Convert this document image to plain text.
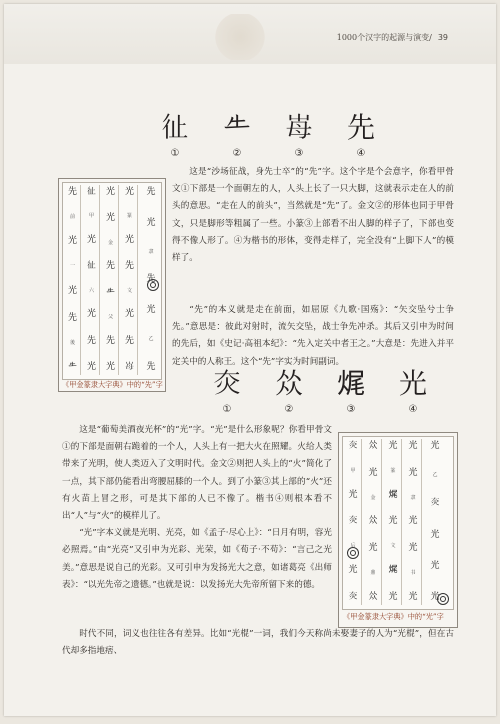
1000个汉字的起源与演变/ 39
𢓊
①
𠂒
②
𡴋
③
先
④
先
前
光
一
光
先
後
𠂒
𢓊
甲
光
𢓊
六
光
先
光
光
光
金
先
𠂒
父
先
光
光
篆
光
先
文
光
先
𡴋
先
光
隶
先
光
乙
先
《甲金篆隶大字典》中的“先”字

这是“沙场征战，身先士卒”的“先”字。这个字是个会意字，你看甲骨文①下部是一个面朝左的人，人头上长了一只大脚，这就表示走在人的前头的意思。“走在人的前头”，当然就是“先”了。金文②的形体也同于甲骨文，只是脚形等粗属了一些。小篆③上部看不出人脚的样子了，下部也变得不像人形了。④为楷书的形体，变得走样了，完全没有“上脚下人”的模样了。

“先”的本义就是走在前面，如屈原《九歌·国殇》：“矢交坠兮士争先。”意思是：彼此对射时，流矢交坠，战士争先冲杀。其后又引申为时间的先后，如《史记·高祖本纪》：“先入定关中者王之。”大意是：先进入并平定关中的人称王。这个“先”字实为时间副词。

𤆍
①
𠈌
②
𤈦
③
光
④

这是“葡萄美酒夜光杯”的“光”字。“光”是什么形象呢？你看甲骨文①的下部是面朝右跪着的一个人，人头上有一把大火在照耀。火给人类带来了光明，使人类迈入了文明时代。金文②则把人头上的“火”简化了一点，其下部仍能看出弯腰屈膝的一个人。到了小篆③其上部的“火”还有火苗上冒之形，可是其下部的人已不像了。楷书④则根本看不出“人”与“火”的模样儿了。

“光”字本义就是光明、光亮，如《孟子·尽心上》：“日月有明，容光必照焉。”由“光亮”又引申为光彩、光荣，如《荀子·不苟》：“言己之光美。”意思是说自己的光彩。又可引申为发扬光大之意，如诸葛亮《出师表》：“以光先帝之遗德。”也就是说：以发扬光大先帝所留下来的德。

时代不同，词义也往往各有差异。比如“光棍”一词，我们今天称尚未娶妻子的人为“光棍”，但在古代却多指地痞、

𤆍
甲
光
𤆍
后
光
𤆍
𠈌
光
金
𠈌
光
鼎
𠈌
光
篆
𤈦
光
文
𤈦
光
光
光
隶
光
光
书
光
光
乙
𤆍
光
光
光
《甲金篆隶大字典》中的“光”字
